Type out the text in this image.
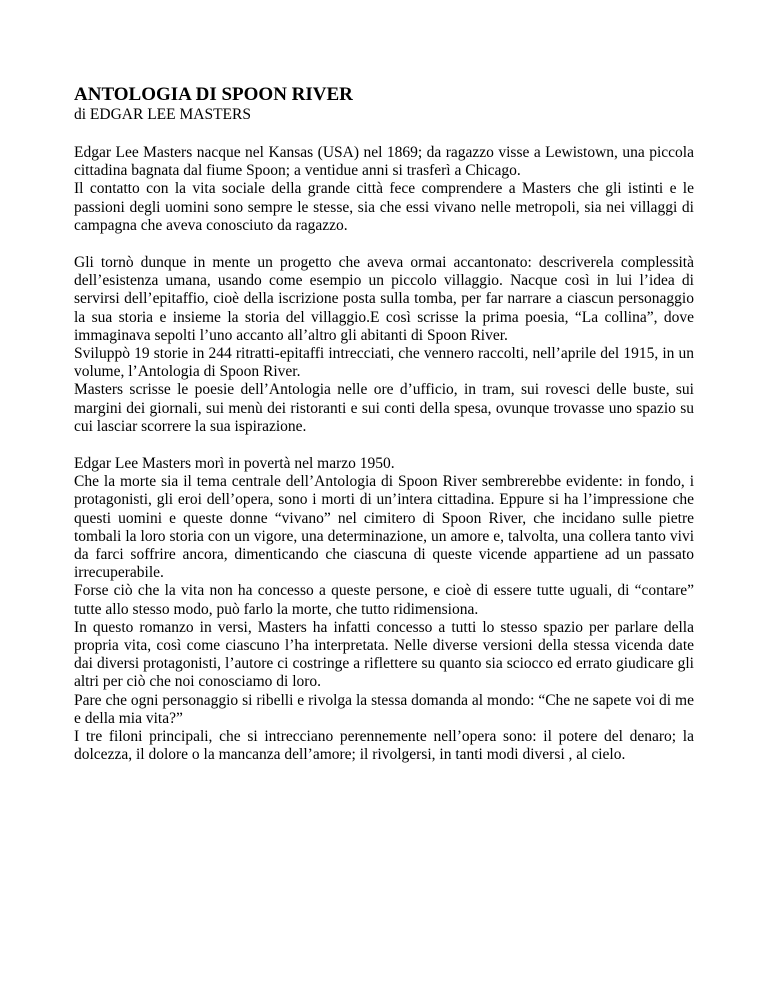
ANTOLOGIA DI SPOON RIVER

di EDGAR LEE MASTERS

Edgar Lee Masters nacque nel Kansas (USA) nel 1869; da ragazzo visse a Lewistown, una piccola cittadina bagnata dal fiume Spoon; a ventidue anni si trasferì a Chicago.

Il contatto con la vita sociale della grande città fece comprendere a Masters che gli istinti e le passioni degli uomini sono sempre le stesse, sia che essi vivano nelle metropoli, sia nei villaggi di campagna che aveva conosciuto da ragazzo.

Gli tornò dunque in mente un progetto che aveva ormai accantonato: descriverela complessità dell’esistenza umana, usando come esempio un piccolo villaggio. Nacque così in lui l’idea di servirsi dell’epitaffio, cioè della iscrizione posta sulla tomba, per far narrare a ciascun personaggio la sua storia e insieme la storia del villaggio.E così scrisse la prima poesia, “La collina”, dove immaginava sepolti l’uno accanto all’altro gli abitanti di Spoon River.

Sviluppò 19 storie in 244 ritratti-epitaffi intrecciati, che vennero raccolti, nell’aprile del 1915, in un volume, l’Antologia di Spoon River.

Masters scrisse le poesie dell’Antologia nelle ore d’ufficio, in tram, sui rovesci delle buste, sui margini dei giornali, sui menù dei ristoranti e sui conti della spesa, ovunque trovasse uno spazio su cui lasciar scorrere la sua ispirazione.

Edgar Lee Masters morì in povertà nel marzo 1950.

Che la morte sia il tema centrale dell’Antologia di Spoon River sembrerebbe evidente: in fondo, i protagonisti, gli eroi dell’opera, sono i morti di un’intera cittadina. Eppure si ha l’impressione che questi uomini e queste donne “vivano” nel cimitero di Spoon River, che incidano sulle pietre tombali la loro storia con un vigore, una determinazione, un amore e, talvolta, una collera tanto vivi da farci soffrire ancora, dimenticando che ciascuna di queste vicende appartiene ad un passato irrecuperabile.

Forse ciò che la vita non ha concesso a queste persone, e cioè di essere tutte uguali, di “contare” tutte allo stesso modo, può farlo la morte, che tutto ridimensiona.

In questo romanzo in versi, Masters ha infatti concesso a tutti lo stesso spazio per parlare della propria vita, così come ciascuno l’ha interpretata. Nelle diverse versioni della stessa vicenda date dai diversi protagonisti, l’autore ci costringe a riflettere su quanto sia sciocco ed errato giudicare gli altri per ciò che noi conosciamo di loro.

Pare che ogni personaggio si ribelli e rivolga la stessa domanda al mondo: “Che ne sapete voi di me e della mia vita?”

I tre filoni principali, che si intrecciano perennemente nell’opera sono: il potere del denaro; la dolcezza, il dolore o la mancanza dell’amore; il rivolgersi, in tanti modi diversi , al cielo.
